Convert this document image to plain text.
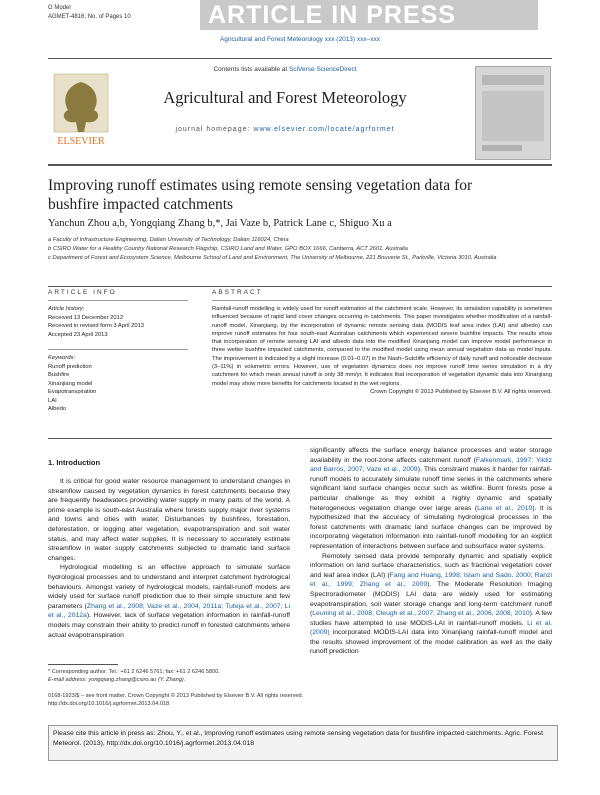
G Model
AGMET-4816; No. of Pages 10	ARTICLE IN PRESS
Agricultural and Forest Meteorology xxx (2013) xxx–xxx
ELSEVIER
Contents lists available at SciVerse ScienceDirect
Agricultural and Forest Meteorology
journal homepage: www.elsevier.com/locate/agrformet
Improving runoff estimates using remote sensing vegetation data for bushfire impacted catchments
Yanchun Zhou a,b, Yongqiang Zhang b,*, Jai Vaze b, Patrick Lane c, Shiguo Xu a
a Faculty of Infrastructure Engineering, Dalian University of Technology, Dalian 116024, China
b CSIRO Water for a Healthy Country National Research Flagship, CSIRO Land and Water, GPO BOX 1666, Canberra, ACT 2601, Australia
c Department of Forest and Ecosystem Science, Melbourne School of Land and Environment, The University of Melbourne, 221 Bouverie St., Parkville, Victoria 3010, Australia
ARTICLE INFO
Article history:
Received 13 December 2012
Received in revised form 3 April 2013
Accepted 23 April 2013
Keywords:
Runoff prediction
Bushfire
Xinanjiang model
Evapotranspiration
LAI
Albedo
ABSTRACT

Rainfall-runoff modelling is widely used for runoff estimation at the catchment scale. However, its simulation capability is sometimes influenced because of rapid land cover changes occurring in catchments. This paper investigates whether modification of a rainfall-runoff model, Xinanjiang, by the incorporation of dynamic remote sensing data (MODIS leaf area index (LAI) and albedo) can improve runoff estimates for four south-east Australian catchments which experienced severe bushfire impacts. The results show that incorporation of remote sensing LAI and albedo data into the modified Xinanjiang model can improve model performance in three wetter bushfire impacted catchments, compared to the modified model using mean annual vegetation data as model inputs. The improvement is indicated by a slight increase (0.01–0.07) in the Nash–Sutcliffe efficiency of daily runoff and noticeable decrease (3–11%) in volumetric errors. However, use of vegetation dynamics does not improve runoff time series simulation in a dry catchment for which mean annual runoff is only 38 mm/yr. It indicates that incorporation of vegetation dynamic data into Xinanjiang model may show more benefits for catchments located in the wet regions.

Crown Copyright © 2013 Published by Elsevier B.V. All rights reserved.

1. Introduction

It is critical for good water resource management to understand changes in streamflow caused by vegetation dynamics in forest catchments because they are frequently headwaters providing water supply in many parts of the world. A prime example is south-east Australia where forests supply major river systems and towns and cities with water. Disturbances by bushfires, forestation, deforestation, or logging alter vegetation, evapotranspiration and soil water status, and may affect water supplies. It is necessary to accurately estimate streamflow in water supply catchments subjected to dramatic land surface changes.

Hydrological modelling is an effective approach to simulate surface hydrological processes and to understand and interpret catchment hydrological behaviours. Amongst variety of hydrological models, rainfall-runoff models are widely used for surface runoff prediction due to their simple structure and few parameters (Zhang et al., 2008; Vaze et al., 2004, 2011a; Tuteja et al., 2007; Li et al., 2012a). However, lack of surface vegetation information in rainfall-runoff models may constrain their ability to predict runoff in forested catchments where actual evapotranspiration

significantly affects the surface energy balance processes and water storage availability in the root-zone affects catchment runoff (Falkenmark, 1997; Yildiz and Barros, 2007; Vaze et al., 2009). This constraint makes it harder for rainfall-runoff models to accurately simulate runoff time series in the catchments where significant land surface changes occur such as wildfire. Burnt forests pose a particular challenge as they exhibit a highly dynamic and spatially heterogeneous vegetation change over large areas (Lane et al., 2010). It is hypothesized that the accuracy of simulating hydrological processes in the forest catchments with dramatic land surface changes can be improved by incorporating vegetation information into rainfall-runoff modelling for an explicit representation of interactions between surface and subsurface water systems.

Remotely sensed data provide temporally dynamic and spatially explicit information on land surface characteristics, such as fractional vegetation cover and leaf area index (LAI) (Fang and Huang, 1998; Islam and Sado, 2000; Ranzi et al., 1999; Zhang et al., 2009). The Moderate Resolution Imaging Spectroradiometer (MODIS) LAI data are widely used for estimating evapotranspiration, soil water storage change and long-term catchment runoff (Leuning et al., 2008; Cleugh et al., 2007; Zhang et al., 2006, 2008, 2010). A few studies have attempted to use MODIS-LAI in rainfall-runoff models. Li et al. (2009) incorporated MODIS-LAI data into Xinanjiang rainfall-runoff model and the results showed improvement of the model calibration as well as the daily runoff prediction

* Corresponding author. Tel.: +61 2 6246 5761; fax: +61 2 6246 5800.
E-mail address: yongqiang.zhang@csiro.au (Y. Zhang).
0168-1923/$ – see front matter. Crown Copyright © 2013 Published by Elsevier B.V. All rights reserved.
http://dx.doi.org/10.1016/j.agrformet.2013.04.018
Please cite this article in press as: Zhou, Y., et al., Improving runoff estimates using remote sensing vegetation data for bushfire impacted catchments. Agric. Forest Meteorol. (2013), http://dx.doi.org/10.1016/j.agrformet.2013.04.018
